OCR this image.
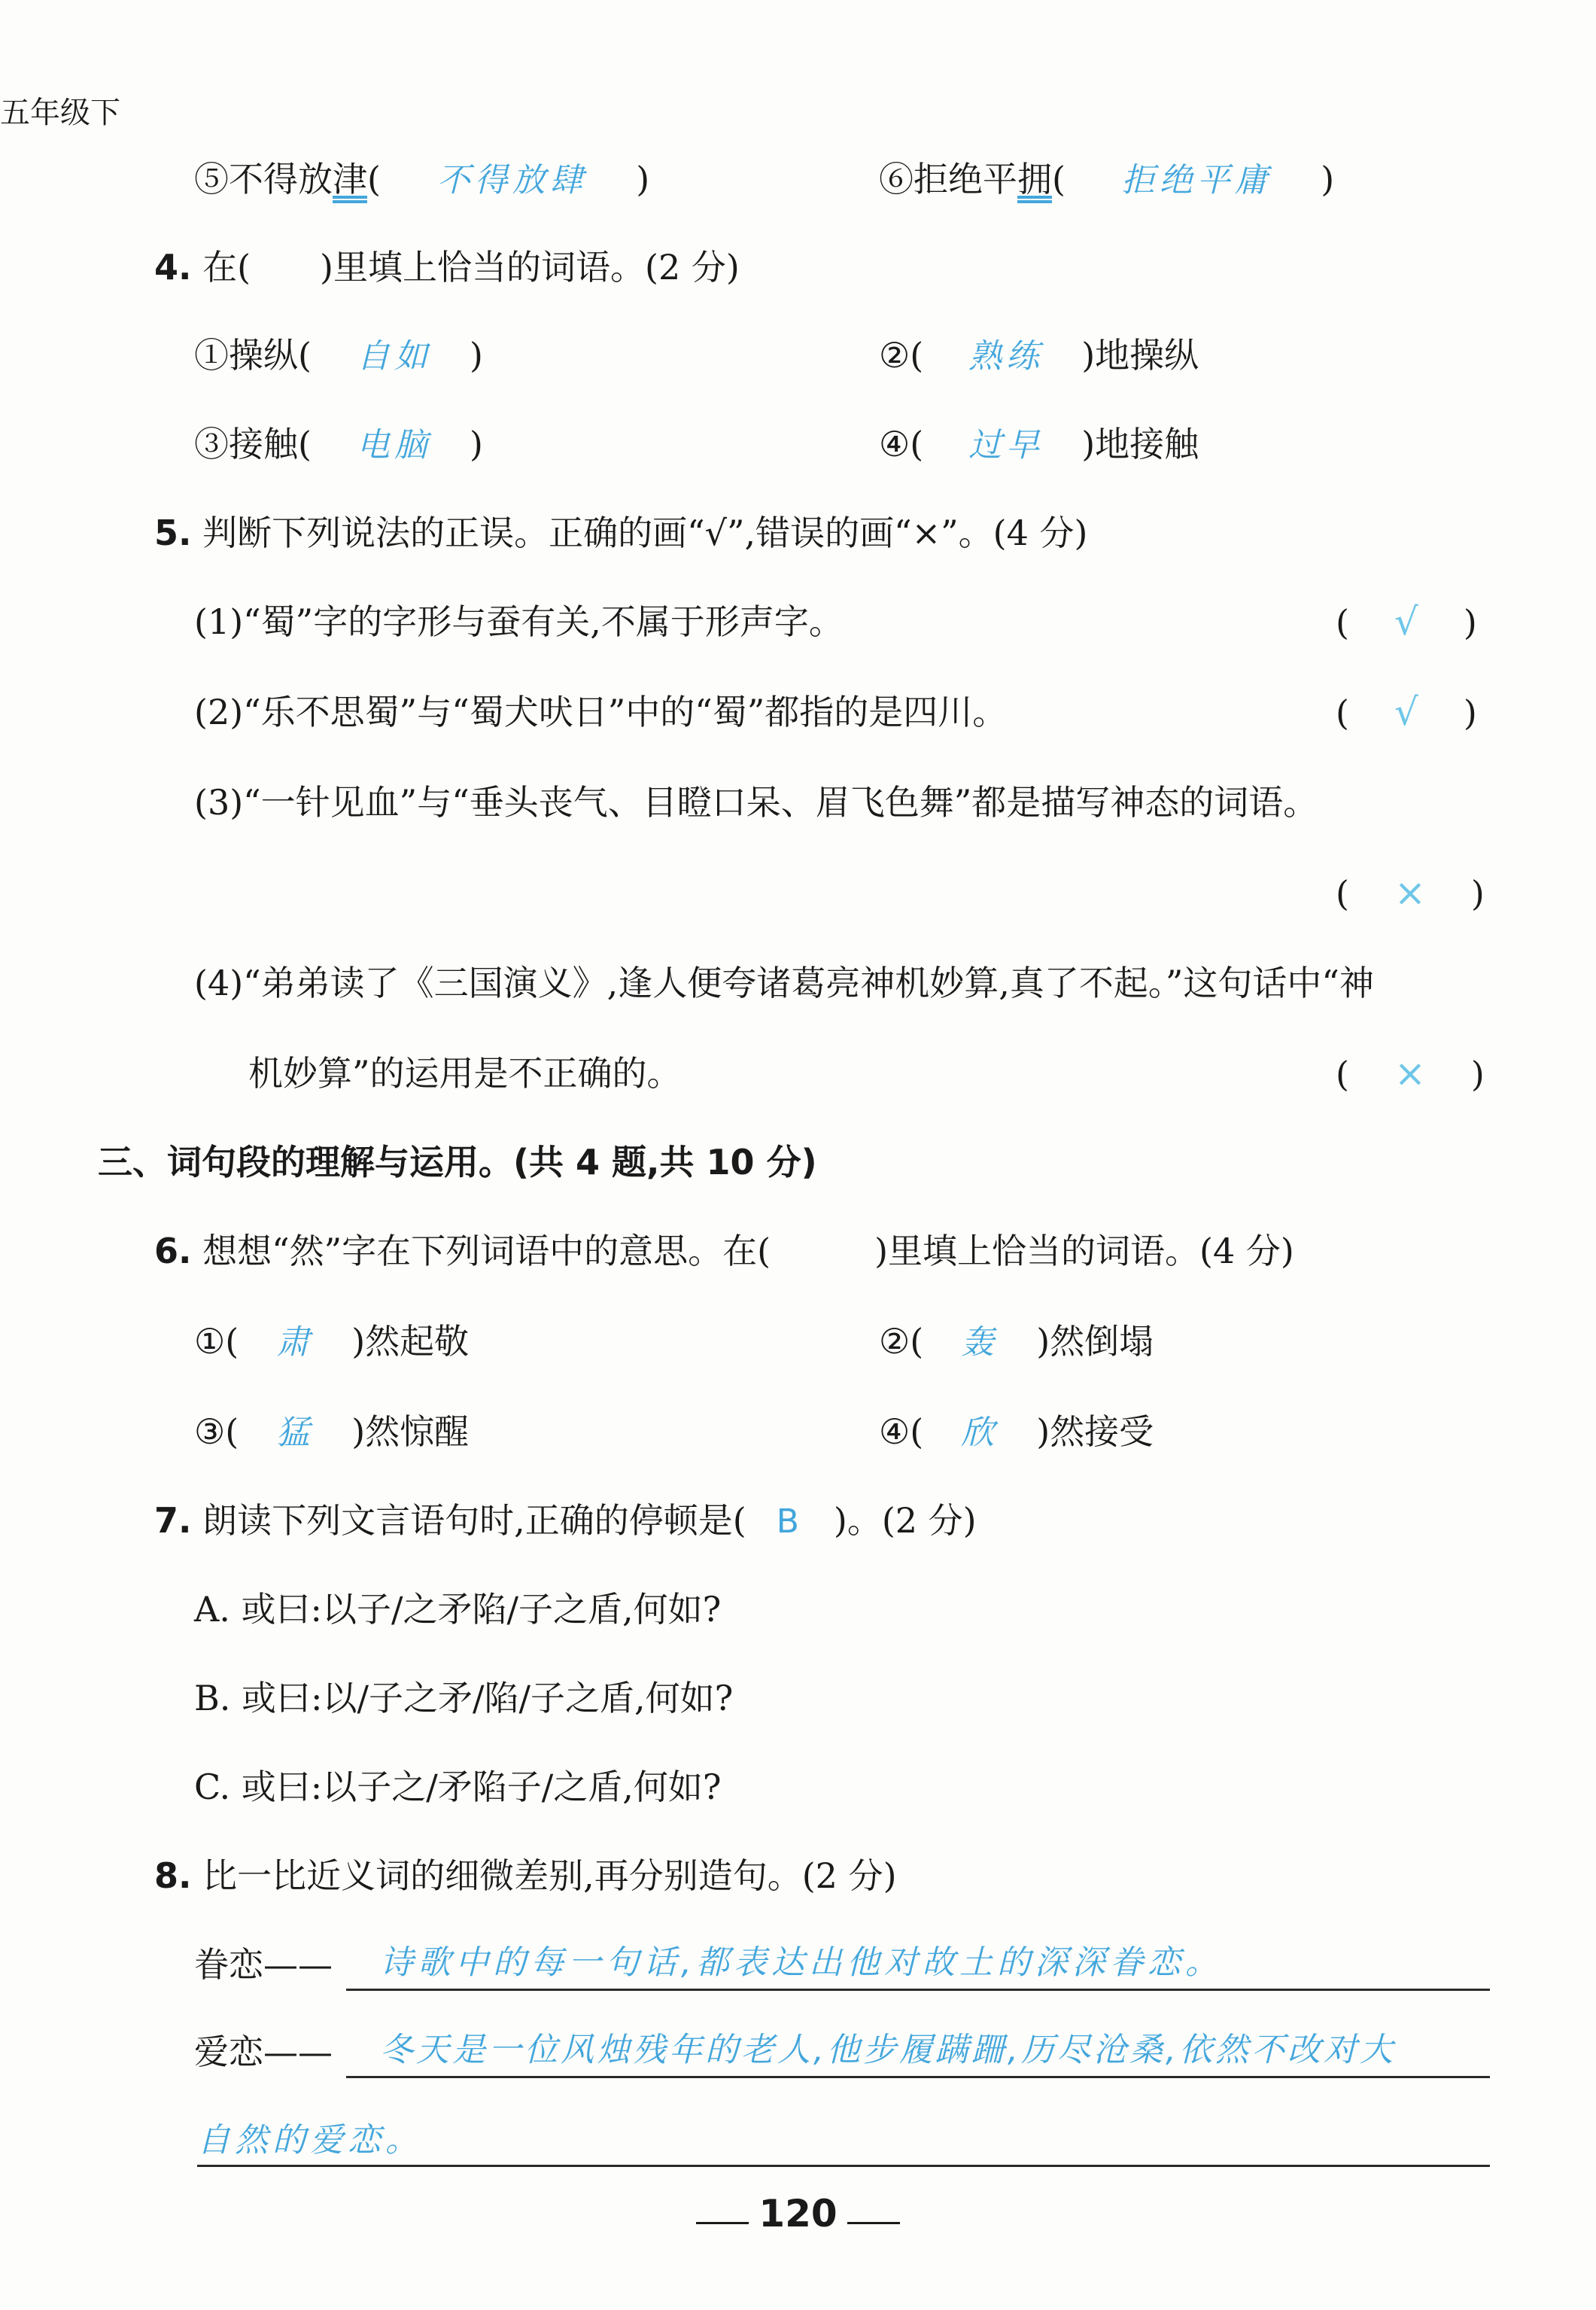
五年级下
⑤不得放津( 不得放肆 )	⑥拒绝平拥( 拒绝平庸 )
4. 在(　　)里填上恰当的词语。(2 分)
①操纵( 自如 )	②( 熟练 )地操纵
③接触( 电脑 )	④( 过早 )地接触
5. 判断下列说法的正误。正确的画“√”,错误的画“×”。(4 分)
(1)“蜀”字的字形与蚕有关,不属于形声字。	( √ )
(2)“乐不思蜀”与“蜀犬吠日”中的“蜀”都指的是四川。	( √ )
(3)“一针见血”与“垂头丧气、目瞪口呆、眉飞色舞”都是描写神态的词语。
( × )
(4)“弟弟读了《三国演义》,逢人便夸诸葛亮神机妙算,真了不起。”这句话中“神
机妙算”的运用是不正确的。	( × )
三、词句段的理解与运用。(共 4 题,共 10 分)
6. 想想“然”字在下列词语中的意思。在(　　　)里填上恰当的词语。(4 分)
①( 肃 )然起敬	②( 轰 )然倒塌
③( 猛 )然惊醒	④( 欣 )然接受
7. 朗读下列文言语句时,正确的停顿是( B )。(2 分)
A. 或曰:以子/之矛陷/子之盾,何如?
B. 或曰:以/子之矛/陷/子之盾,何如?
C. 或曰:以子之/矛陷子/之盾,何如?
8. 比一比近义词的细微差别,再分别造句。(2 分)
眷恋—— 诗歌中的每一句话,都表达出他对故土的深深眷恋。
爱恋—— 冬天是一位风烛残年的老人,他步履蹒跚,历尽沧桑,依然不改对大
自然的爱恋。
120
